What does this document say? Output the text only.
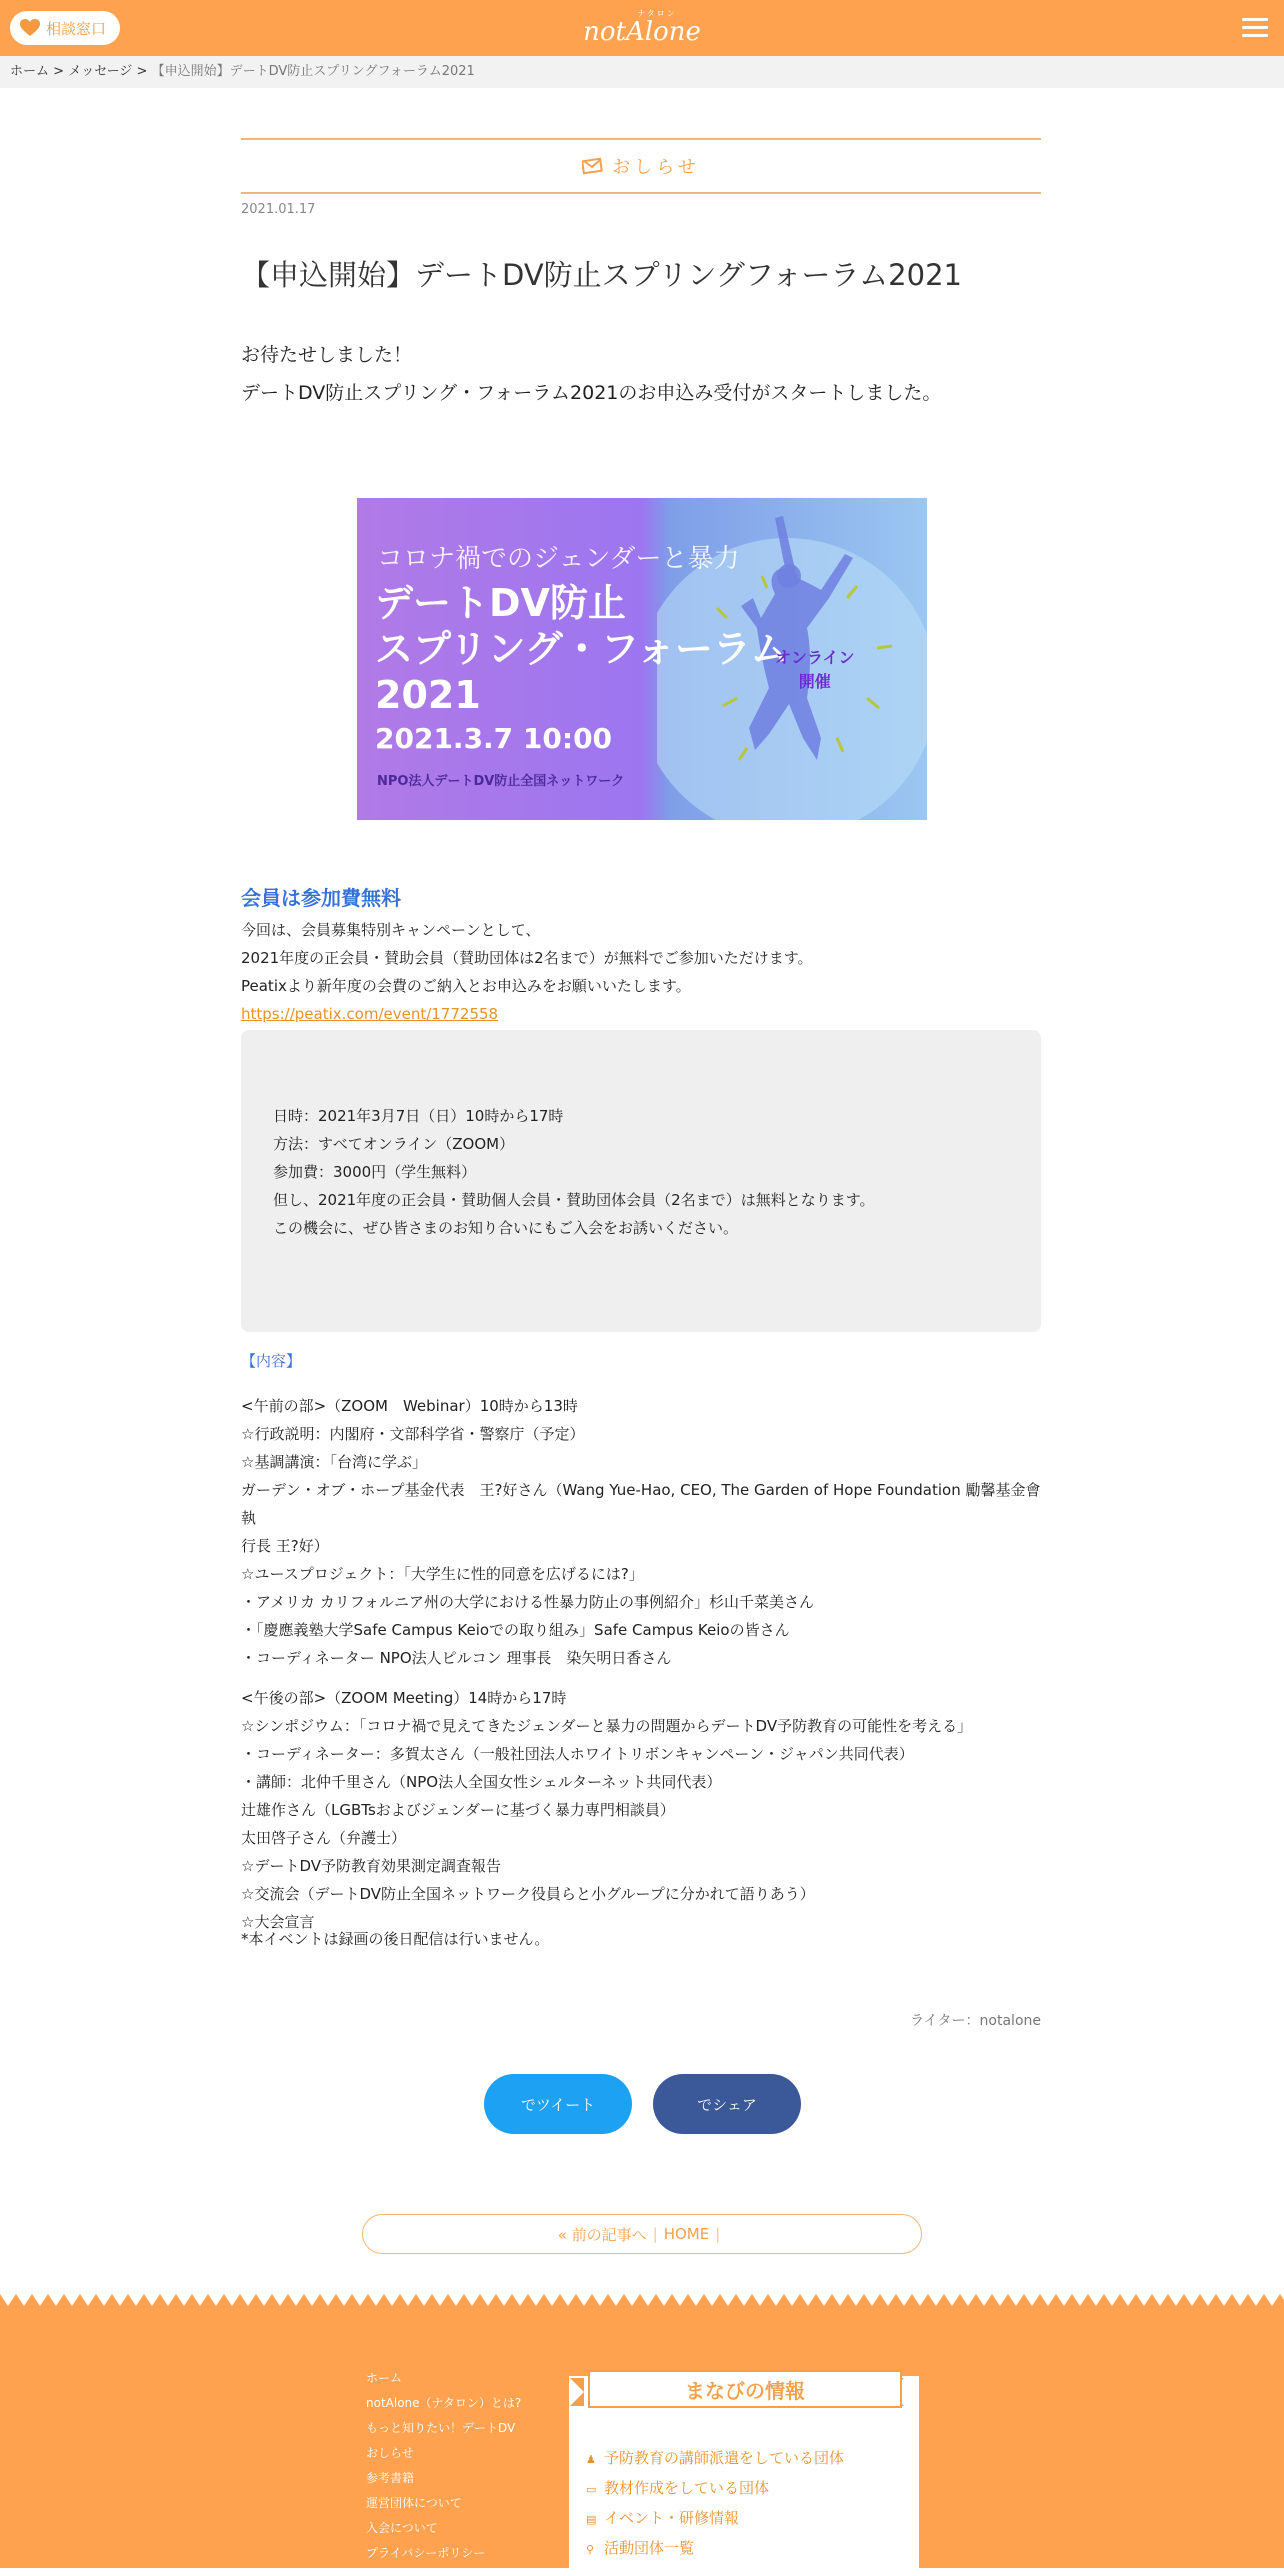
相談窓口
ナタロン
notAlone
ホーム > メッセージ > 【申込開始】デートDV防止スプリングフォーラム2021
おしらせ
2021.01.17
【申込開始】デートDV防止スプリングフォーラム2021
お待たせしました！
デートDV防止スプリング・フォーラム2021のお申込み受付がスタートしました。
コロナ禍でのジェンダーと暴力
デートDV防止
スプリング・フォーラム
2021
2021.3.7 10:00
NPO法人デートDV防止全国ネットワーク
オンライン
開催
会員は参加費無料
今回は、会員募集特別キャンペーンとして、
2021年度の正会員・賛助会員（賛助団体は2名まで）が無料でご参加いただけます。
Peatixより新年度の会費のご納入とお申込みをお願いいたします。
https://peatix.com/event/1772558
日時：2021年3月7日（日）10時から17時
方法：すべてオンライン（ZOOM）
参加費：3000円（学生無料）
但し、2021年度の正会員・賛助個人会員・賛助団体会員（2名まで）は無料となります。
この機会に、ぜひ皆さまのお知り合いにもご入会をお誘いください。
【内容】
<午前の部>（ZOOM　Webinar）10時から13時
☆行政説明：内閣府・文部科学省・警察庁（予定）
☆基調講演：「台湾に学ぶ」
ガーデン・オブ・ホープ基金代表　王?好さん（Wang Yue-Hao, CEO, The Garden of Hope Foundation 勵馨基金會執
行長 王?好）
☆ユースプロジェクト：「大学生に性的同意を広げるには?」
・アメリカ カリフォルニア州の大学における性暴力防止の事例紹介」杉山千菜美さん
・「慶應義塾大学Safe Campus Keioでの取り組み」Safe Campus Keioの皆さん
・コーディネーター NPO法人ピルコン 理事長　染矢明日香さん
<午後の部>（ZOOM Meeting）14時から17時
☆シンポジウム：「コロナ禍で見えてきたジェンダーと暴力の問題からデートDV予防教育の可能性を考える」
・コーディネーター：多賀太さん（一般社団法人ホワイトリボンキャンペーン・ジャパン共同代表）
・講師：北仲千里さん（NPO法人全国女性シェルターネット共同代表）
辻雄作さん（LGBTsおよびジェンダーに基づく暴力専門相談員）
太田啓子さん（弁護士）
☆デートDV予防教育効果測定調査報告
☆交流会（デートDV防止全国ネットワーク役員らと小グループに分かれて語りあう）
☆大会宣言
*本イベントは録画の後日配信は行いません。
ライター：notalone
でツイート	でシェア
« 前の記事へ | HOME |
ホーム
notAlone（ナタロン）とは?
もっと知りたい！デートDV
おしらせ
参考書籍
運営団体について
入会について
プライバシーポリシー
まなびの情報
♟ 予防教育の講師派遣をしている団体
▭ 教材作成をしている団体
▤ イベント・研修情報
⚲ 活動団体一覧
